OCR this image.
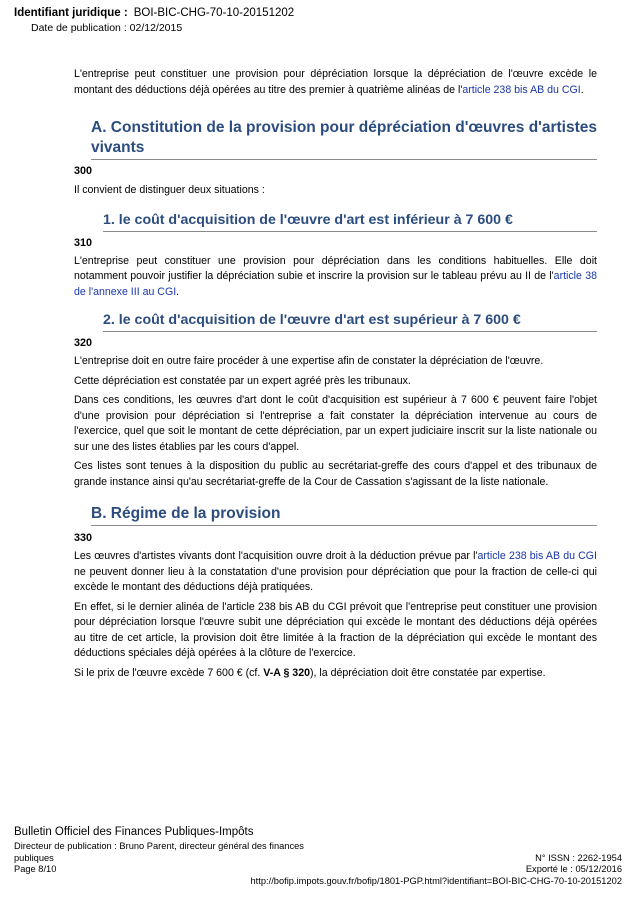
Identifiant juridique : BOI-BIC-CHG-70-10-20151202
Date de publication : 02/12/2015

L'entreprise peut constituer une provision pour dépréciation lorsque la dépréciation de l'œuvre excède le montant des déductions déjà opérées au titre des premier à quatrième alinéas de l'article 238 bis AB du CGI.

A. Constitution de la provision pour dépréciation d'œuvres d'artistes vivants
300

Il convient de distinguer deux situations :

1. le coût d'acquisition de l'œuvre d'art est inférieur à 7 600 €
310

L'entreprise peut constituer une provision pour dépréciation dans les conditions habituelles. Elle doit notamment pouvoir justifier la dépréciation subie et inscrire la provision sur le tableau prévu au II de l'article 38 de l'annexe III au CGI.

2. le coût d'acquisition de l'œuvre d'art est supérieur à 7 600 €
320

L'entreprise doit en outre faire procéder à une expertise afin de constater la dépréciation de l'œuvre.

Cette dépréciation est constatée par un expert agréé près les tribunaux.

Dans ces conditions, les œuvres d'art dont le coût d'acquisition est supérieur à 7 600 € peuvent faire l'objet d'une provision pour dépréciation si l'entreprise a fait constater la dépréciation intervenue au cours de l'exercice, quel que soit le montant de cette dépréciation, par un expert judiciaire inscrit sur la liste nationale ou sur une des listes établies par les cours d'appel.

Ces listes sont tenues à la disposition du public au secrétariat-greffe des cours d'appel et des tribunaux de grande instance ainsi qu'au secrétariat-greffe de la Cour de Cassation s'agissant de la liste nationale.

B. Régime de la provision
330

Les œuvres d'artistes vivants dont l'acquisition ouvre droit à la déduction prévue par l'article 238 bis AB du CGI ne peuvent donner lieu à la constatation d'une provision pour dépréciation que pour la fraction de celle-ci qui excède le montant des déductions déjà pratiquées.

En effet, si le dernier alinéa de l'article 238 bis AB du CGI prévoit que l'entreprise peut constituer une provision pour dépréciation lorsque l'œuvre subit une dépréciation qui excède le montant des déductions déjà opérées au titre de cet article, la provision doit être limitée à la fraction de la dépréciation qui excède le montant des déductions spéciales déjà opérées à la clôture de l'exercice.

Si le prix de l'œuvre excède 7 600 € (cf. V-A § 320), la dépréciation doit être constatée par expertise.

Bulletin Officiel des Finances Publiques-Impôts
Directeur de publication : Bruno Parent, directeur général des finances
publiques	N° ISSN : 2262-1954
Page 8/10	Exporté le : 05/12/2016
http://bofip.impots.gouv.fr/bofip/1801-PGP.html?identifiant=BOI-BIC-CHG-70-10-20151202
